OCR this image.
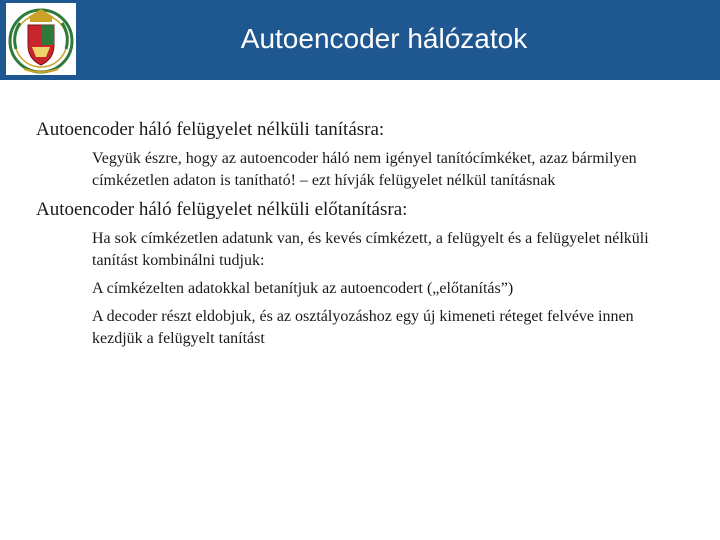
Autoencoder hálózatok
Autoencoder háló felügyelet nélküli tanításra:
Vegyük észre, hogy az autoencoder háló nem igényel tanítócímkéket, azaz bármilyen címkézetlen adaton is tanítható! – ezt hívják felügyelet nélkül tanításnak
Autoencoder háló felügyelet nélküli előtanításra:
Ha sok címkézetlen adatunk van, és kevés címkézett, a felügyelt és a felügyelet nélküli tanítást kombinálni tudjuk:
A címkézelten adatokkal betanítjuk az autoencodert („előtanítás”)
A decoder részt eldobjuk, és az osztályozáshoz egy új kimeneti réteget felvéve innen kezdjük a felügyelt tanítást
